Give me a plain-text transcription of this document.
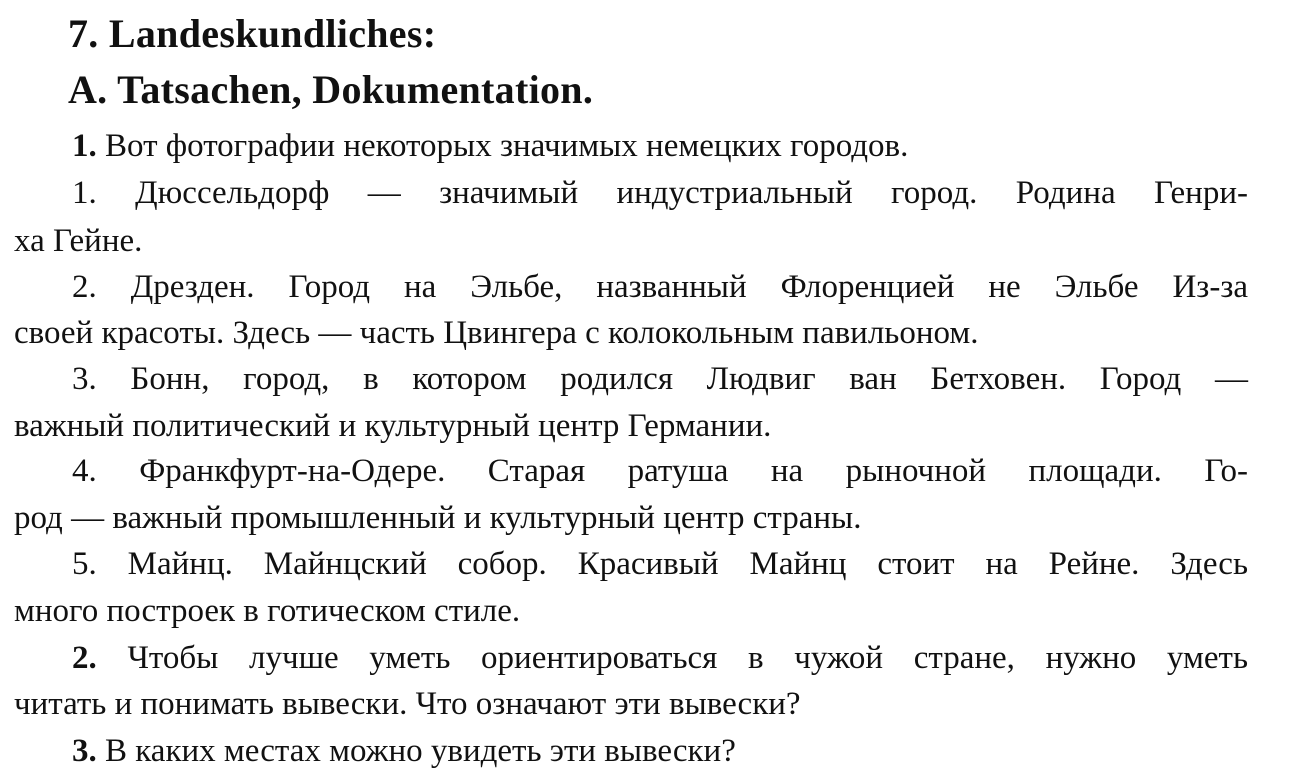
7. Landeskundliches:
A. Tatsachen, Dokumentation.
1. Вот фотографии некоторых значимых немецких городов.
1. Дюссельдорф — значимый индустриальный город. Родина Генри-
ха Гейне.
2. Дрезден. Город на Эльбе, названный Флоренцией не Эльбе Из-за
своей красоты. Здесь — часть Цвингера с колокольным павильоном.
3. Бонн, город, в котором родился Людвиг ван Бетховен. Город —
важный политический и культурный центр Германии.
4. Франкфурт-на-Одере. Старая ратуша на рыночной площади. Го-
род — важный промышленный и культурный центр страны.
5. Майнц. Майнцский собор. Красивый Майнц стоит на Рейне. Здесь
много построек в готическом стиле.
2. Чтобы лучше уметь ориентироваться в чужой стране, нужно уметь
читать и понимать вывески. Что означают эти вывески?
3. В каких местах можно увидеть эти вывески?
